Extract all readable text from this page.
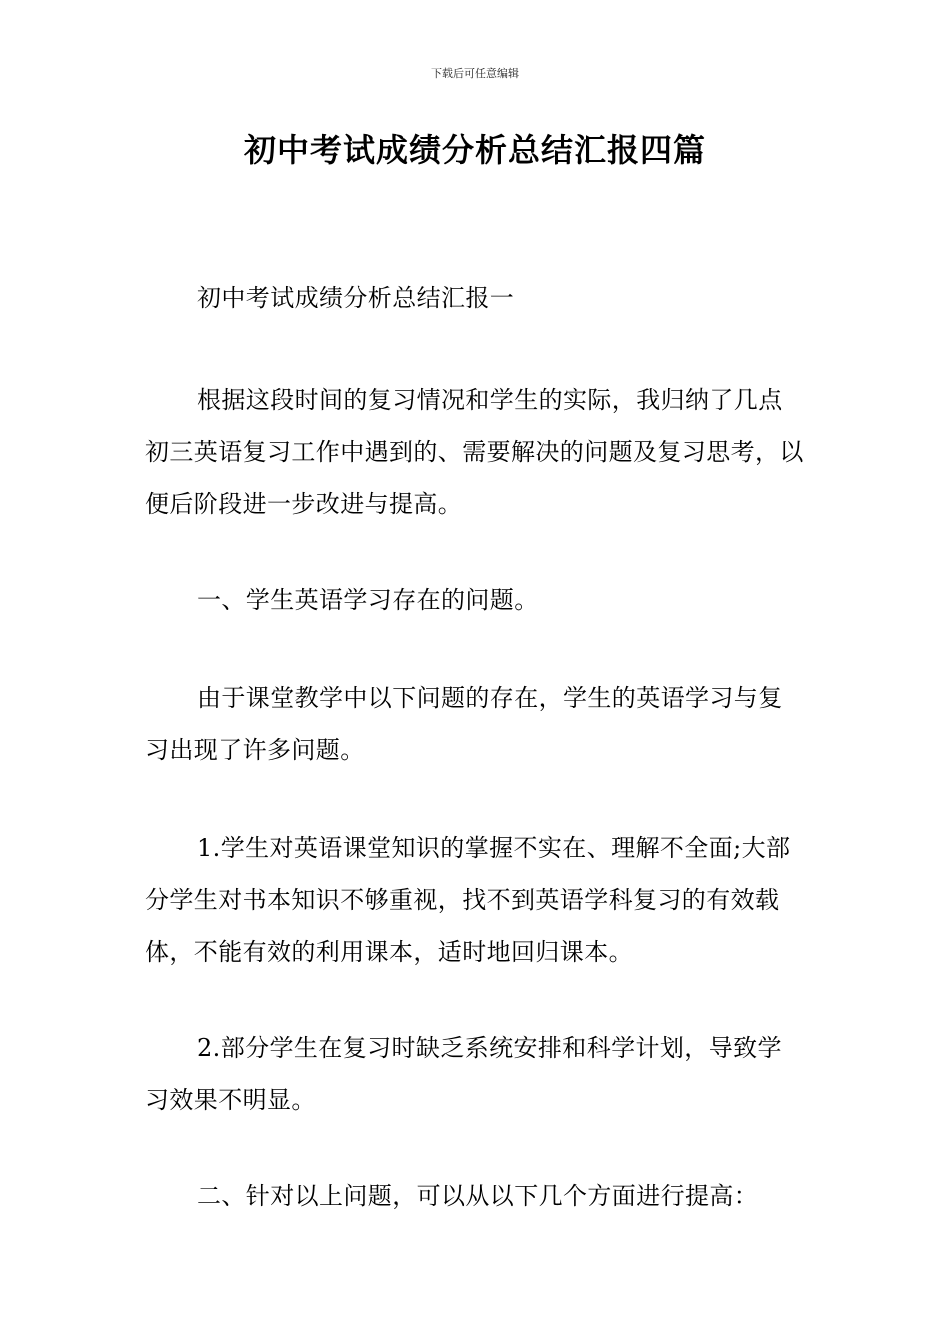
下载后可任意编辑
初中考试成绩分析总结汇报四篇
初中考试成绩分析总结汇报一
根据这段时间的复习情况和学生的实际，我归纳了几点初三英语复习工作中遇到的、需要解决的问题及复习思考，以便后阶段进一步改进与提高。
一、学生英语学习存在的问题。
由于课堂教学中以下问题的存在，学生的英语学习与复习出现了许多问题。
1.学生对英语课堂知识的掌握不实在、理解不全面;大部分学生对书本知识不够重视，找不到英语学科复习的有效载体，不能有效的利用课本，适时地回归课本。
2.部分学生在复习时缺乏系统安排和科学计划，导致学习效果不明显。
二、针对以上问题，可以从以下几个方面进行提高：
